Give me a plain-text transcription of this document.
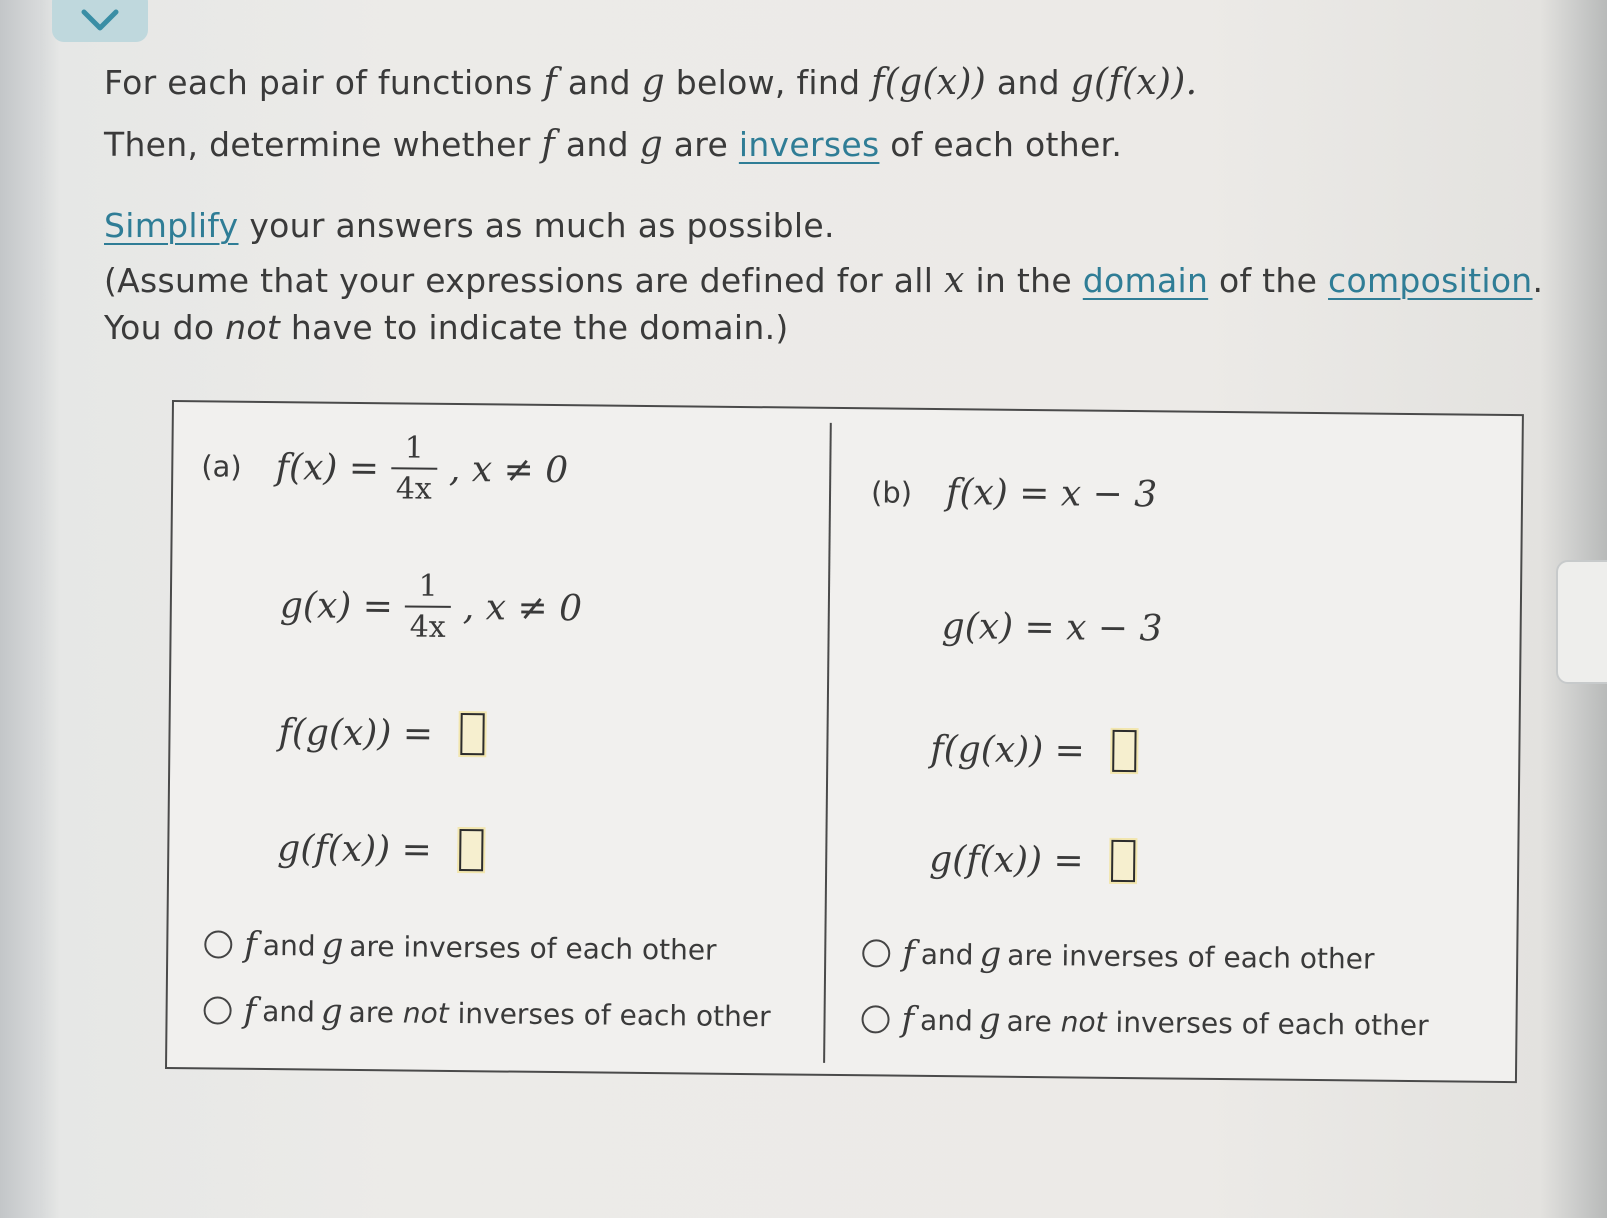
For each pair of functions f and g below, find f(g(x)) and g(f(x)).
Then, determine whether f and g are inverses of each other.
Simplify your answers as much as possible.
(Assume that your expressions are defined for all x in the domain of the composition.
You do not have to indicate the domain.)
(a) $f(x) = \frac{1}{4x}$ , x ≠ 0
$g(x) = \frac{1}{4x}$ , x ≠ 0
f(g(x)) =
g(f(x)) =
f and g are inverses of each other
f and g are
not
inverses of each other
(b) f(x) = x − 3
g(x) = x − 3
f(g(x)) =
g(f(x)) =
f and g are inverses of each other
f and g are
not
inverses of each other
